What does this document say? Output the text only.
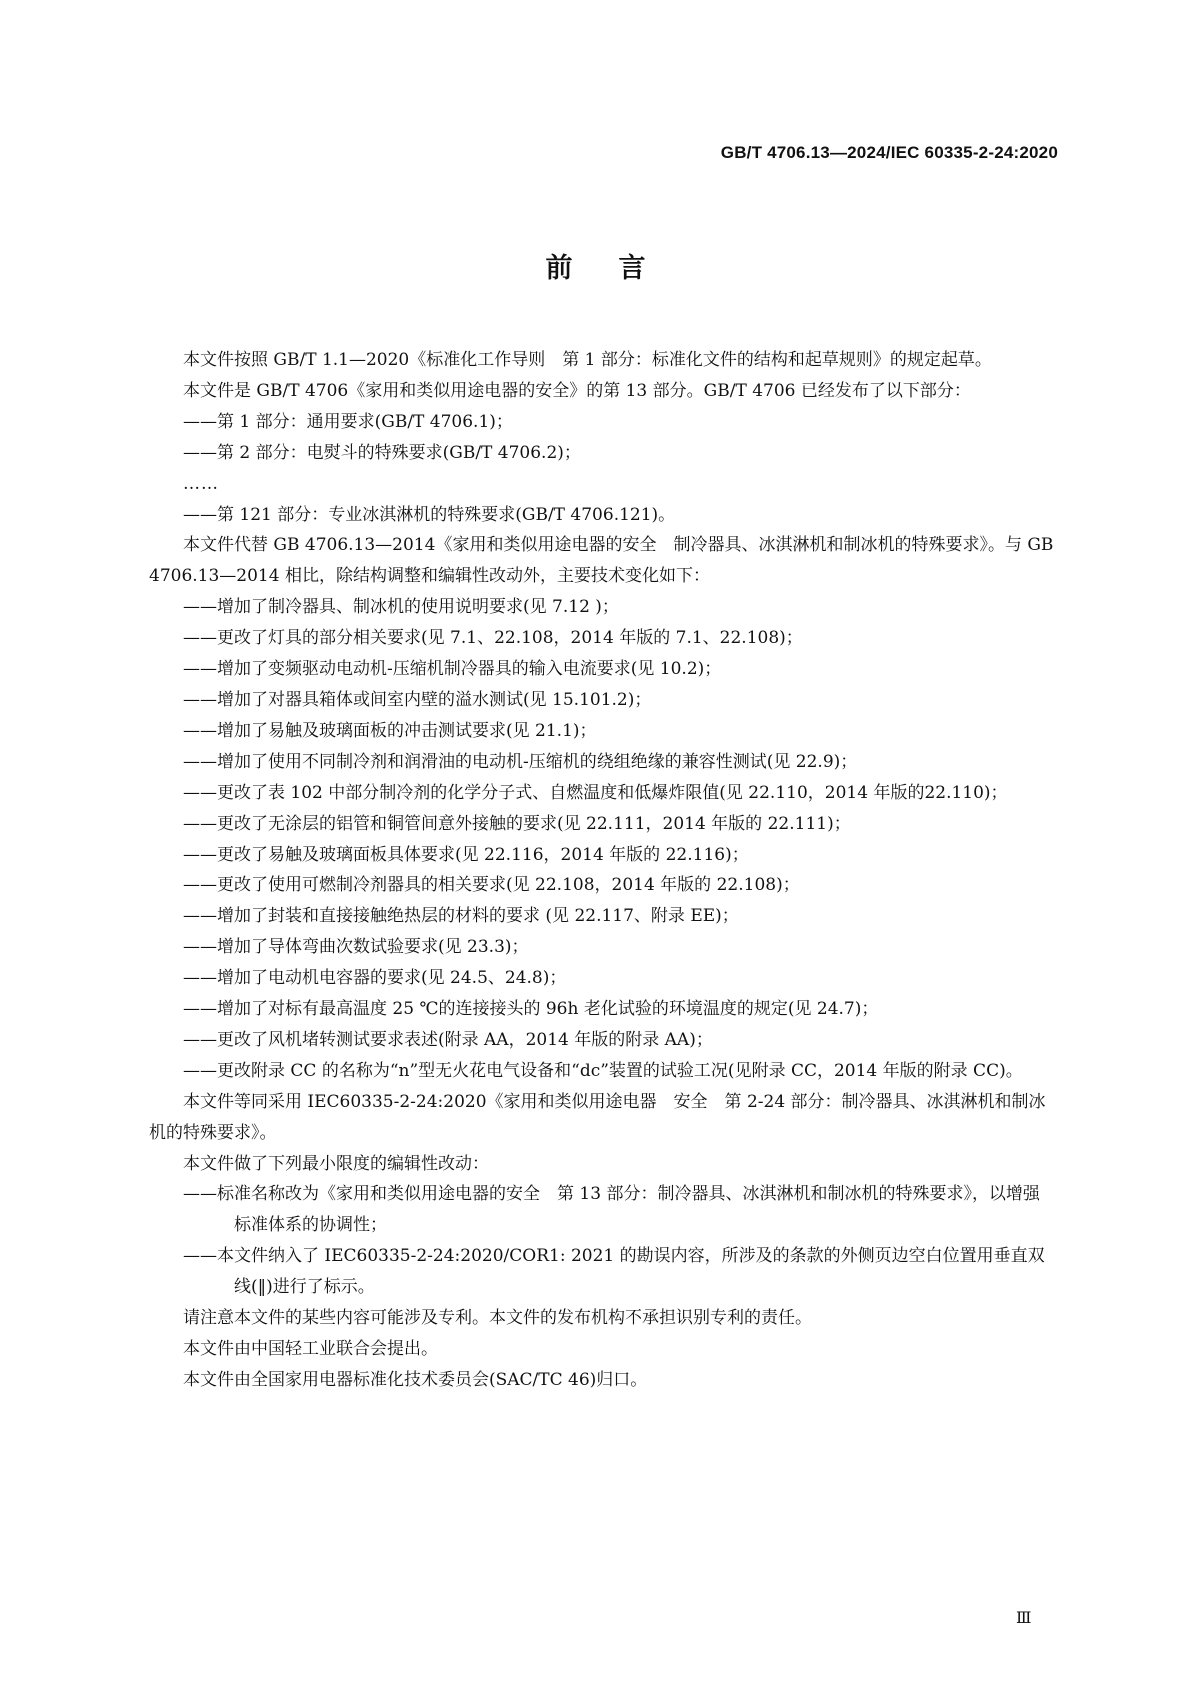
GB/T 4706.13—2024/IEC 60335-2-24:2020
前言

本文件按照 GB/T 1.1—2020《标准化工作导则　第 1 部分：标准化文件的结构和起草规则》的规定起草。

本文件是 GB/T 4706《家用和类似用途电器的安全》的第 13 部分。GB/T 4706 已经发布了以下部分：

——第 1 部分：通用要求(GB/T 4706.1)；

——第 2 部分：电熨斗的特殊要求(GB/T 4706.2)；

……

——第 121 部分：专业冰淇淋机的特殊要求(GB/T 4706.121)。

本文件代替 GB 4706.13—2014《家用和类似用途电器的安全　制冷器具、冰淇淋机和制冰机的特殊要求》。与 GB 4706.13—2014 相比，除结构调整和编辑性改动外，主要技术变化如下：

——增加了制冷器具、制冰机的使用说明要求(见 7.12 )；

——更改了灯具的部分相关要求(见 7.1、22.108，2014 年版的 7.1、22.108)；

——增加了变频驱动电动机-压缩机制冷器具的输入电流要求(见 10.2)；

——增加了对器具箱体或间室内壁的溢水测试(见 15.101.2)；

——增加了易触及玻璃面板的冲击测试要求(见 21.1)；

——增加了使用不同制冷剂和润滑油的电动机-压缩机的绕组绝缘的兼容性测试(见 22.9)；

——更改了表 102 中部分制冷剂的化学分子式、自燃温度和低爆炸限值(见 22.110，2014 年版的22.110)；

——更改了无涂层的铝管和铜管间意外接触的要求(见 22.111，2014 年版的 22.111)；

——更改了易触及玻璃面板具体要求(见 22.116，2014 年版的 22.116)；

——更改了使用可燃制冷剂器具的相关要求(见 22.108，2014 年版的 22.108)；

——增加了封装和直接接触绝热层的材料的要求 (见 22.117、附录 EE)；

——增加了导体弯曲次数试验要求(见 23.3)；

——增加了电动机电容器的要求(见 24.5、24.8)；

——增加了对标有最高温度 25 ℃的连接接头的 96h 老化试验的环境温度的规定(见 24.7)；

——更改了风机堵转测试要求表述(附录 AA，2014 年版的附录 AA)；

——更改附录 CC 的名称为“n”型无火花电气设备和“dc”装置的试验工况(见附录 CC，2014 年版的附录 CC)。

本文件等同采用 IEC60335-2-24:2020《家用和类似用途电器　安全　第 2-24 部分：制冷器具、冰淇淋机和制冰机的特殊要求》。

本文件做了下列最小限度的编辑性改动：

——标准名称改为《家用和类似用途电器的安全　第 13 部分：制冷器具、冰淇淋机和制冰机的特殊要求》，以增强标准体系的协调性；

——本文件纳入了 IEC60335-2-24:2020/COR1: 2021 的勘误内容，所涉及的条款的外侧页边空白位置用垂直双线(‖)进行了标示。

请注意本文件的某些内容可能涉及专利。本文件的发布机构不承担识别专利的责任。

本文件由中国轻工业联合会提出。

本文件由全国家用电器标准化技术委员会(SAC/TC 46)归口。

Ⅲ
